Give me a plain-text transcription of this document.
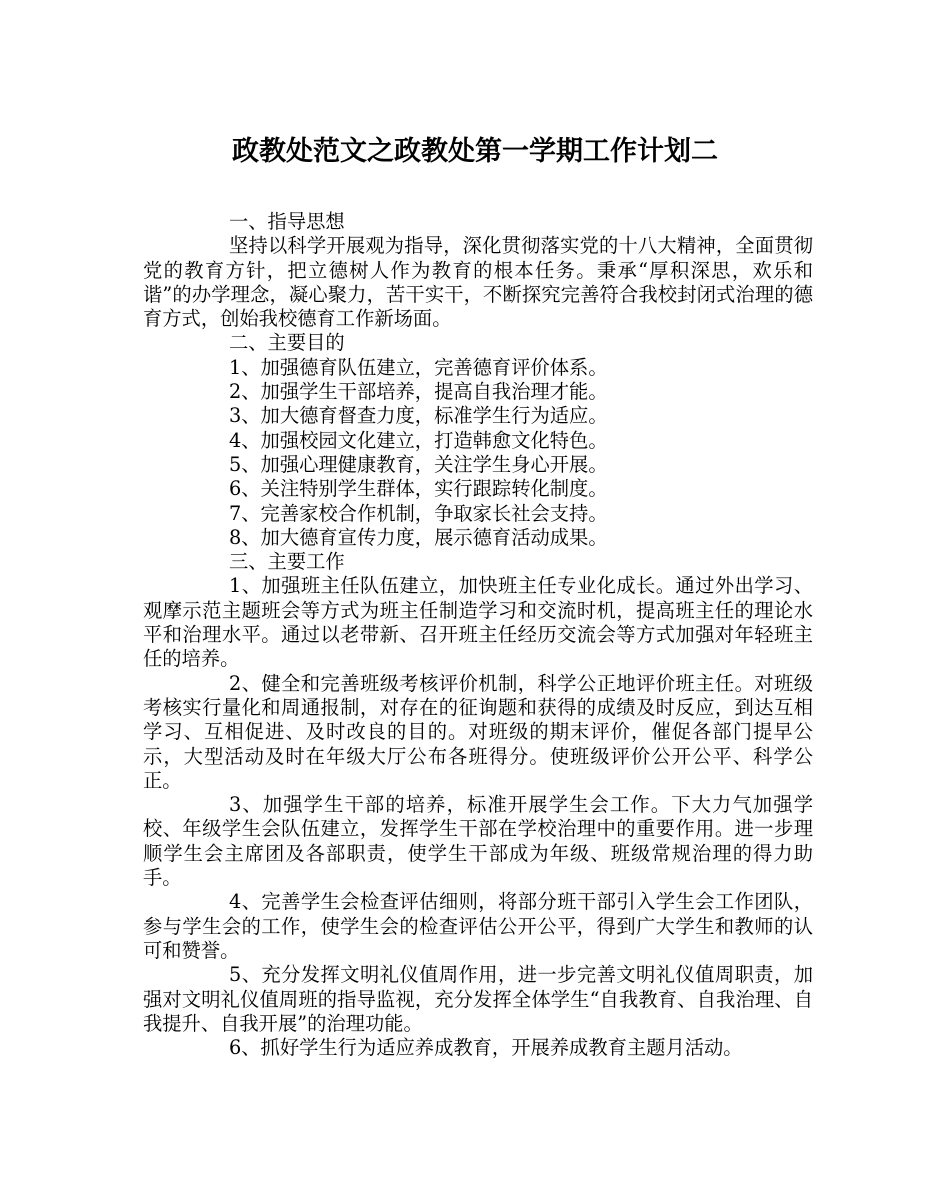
政教处范文之政教处第一学期工作计划二

一、指导思想

坚持以科学开展观为指导，深化贯彻落实党的十八大精神，全面贯彻党的教育方针，把立德树人作为教育的根本任务。秉承“厚积深思，欢乐和谐”的办学理念，凝心聚力，苦干实干，不断探究完善符合我校封闭式治理的德育方式，创始我校德育工作新场面。

二、主要目的

1、加强德育队伍建立，完善德育评价体系。

2、加强学生干部培养，提高自我治理才能。

3、加大德育督查力度，标准学生行为适应。

4、加强校园文化建立，打造韩愈文化特色。

5、加强心理健康教育，关注学生身心开展。

6、关注特别学生群体，实行跟踪转化制度。

7、完善家校合作机制，争取家长社会支持。

8、加大德育宣传力度，展示德育活动成果。

三、主要工作

1、加强班主任队伍建立，加快班主任专业化成长。通过外出学习、观摩示范主题班会等方式为班主任制造学习和交流时机，提高班主任的理论水平和治理水平。通过以老带新、召开班主任经历交流会等方式加强对年轻班主任的培养。

2、健全和完善班级考核评价机制，科学公正地评价班主任。对班级考核实行量化和周通报制，对存在的征询题和获得的成绩及时反应，到达互相学习、互相促进、及时改良的目的。对班级的期末评价，催促各部门提早公示，大型活动及时在年级大厅公布各班得分。使班级评价公开公平、科学公正。

3、加强学生干部的培养，标准开展学生会工作。下大力气加强学校、年级学生会队伍建立，发挥学生干部在学校治理中的重要作用。进一步理顺学生会主席团及各部职责，使学生干部成为年级、班级常规治理的得力助手。

4、完善学生会检查评估细则，将部分班干部引入学生会工作团队，参与学生会的工作，使学生会的检查评估公开公平，得到广大学生和教师的认可和赞誉。

5、充分发挥文明礼仪值周作用，进一步完善文明礼仪值周职责，加强对文明礼仪值周班的指导监视，充分发挥全体学生“自我教育、自我治理、自我提升、自我开展”的治理功能。

6、抓好学生行为适应养成教育，开展养成教育主题月活动。
